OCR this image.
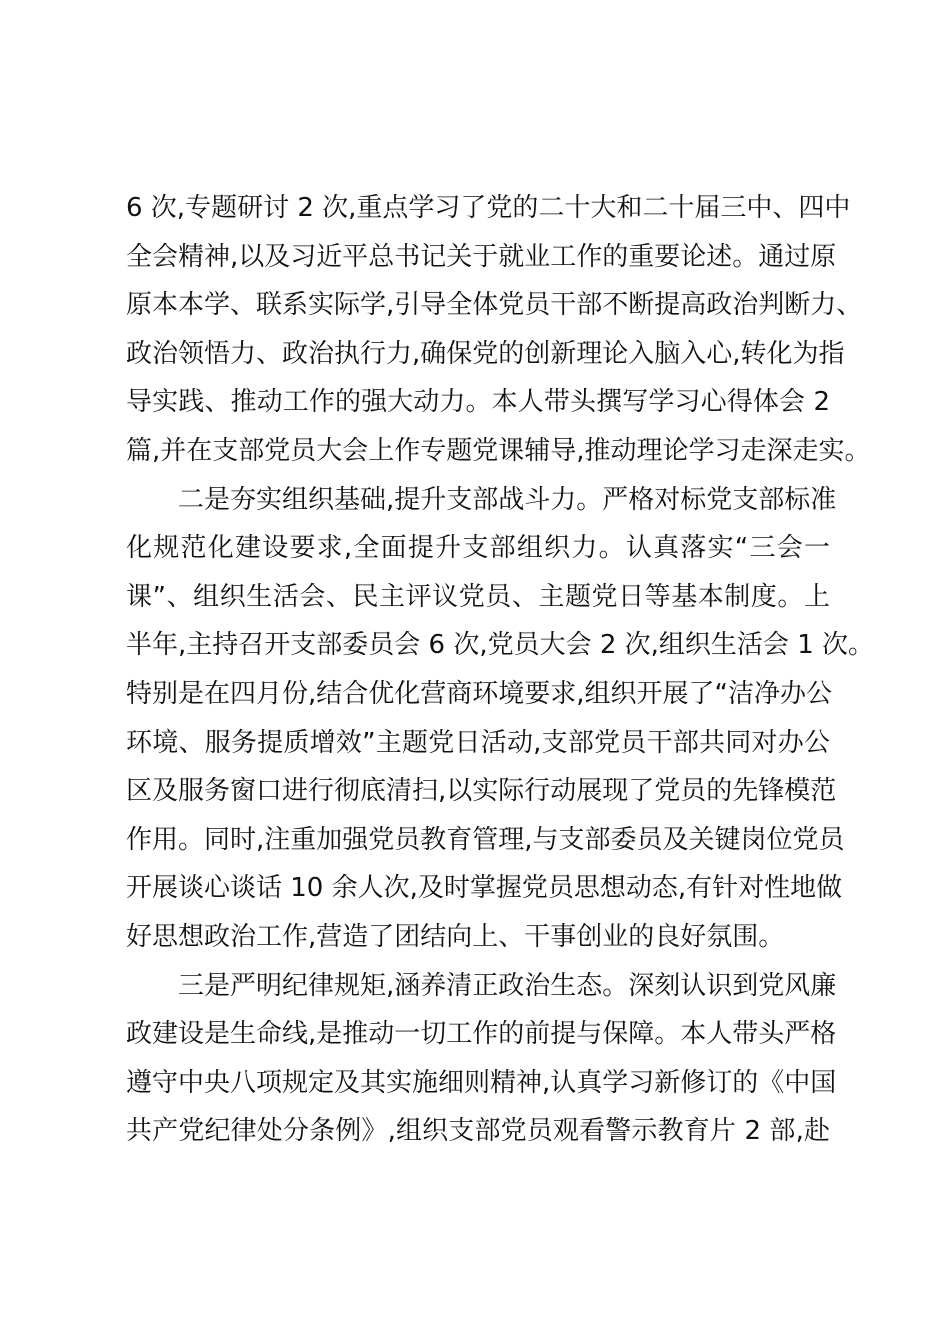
6 次,专题研讨 2 次,重点学习了党的二十大和二十届三中、四中
全会精神,以及习近平总书记关于就业工作的重要论述。通过原
原本本学、联系实际学,引导全体党员干部不断提高政治判断力、
政治领悟力、政治执行力,确保党的创新理论入脑入心,转化为指
导实践、推动工作的强大动力。本人带头撰写学习心得体会 2
篇,并在支部党员大会上作专题党课辅导,推动理论学习走深走实。
二是夯实组织基础,提升支部战斗力。严格对标党支部标准
化规范化建设要求,全面提升支部组织力。认真落实“三会一
课”、组织生活会、民主评议党员、主题党日等基本制度。上
半年,主持召开支部委员会 6 次,党员大会 2 次,组织生活会 1 次。
特别是在四月份,结合优化营商环境要求,组织开展了“洁净办公
环境、服务提质增效”主题党日活动,支部党员干部共同对办公
区及服务窗口进行彻底清扫,以实际行动展现了党员的先锋模范
作用。同时,注重加强党员教育管理,与支部委员及关键岗位党员
开展谈心谈话 10 余人次,及时掌握党员思想动态,有针对性地做
好思想政治工作,营造了团结向上、干事创业的良好氛围。
三是严明纪律规矩,涵养清正政治生态。深刻认识到党风廉
政建设是生命线,是推动一切工作的前提与保障。本人带头严格
遵守中央八项规定及其实施细则精神,认真学习新修订的《中国
共产党纪律处分条例》,组织支部党员观看警示教育片 2 部,赴
